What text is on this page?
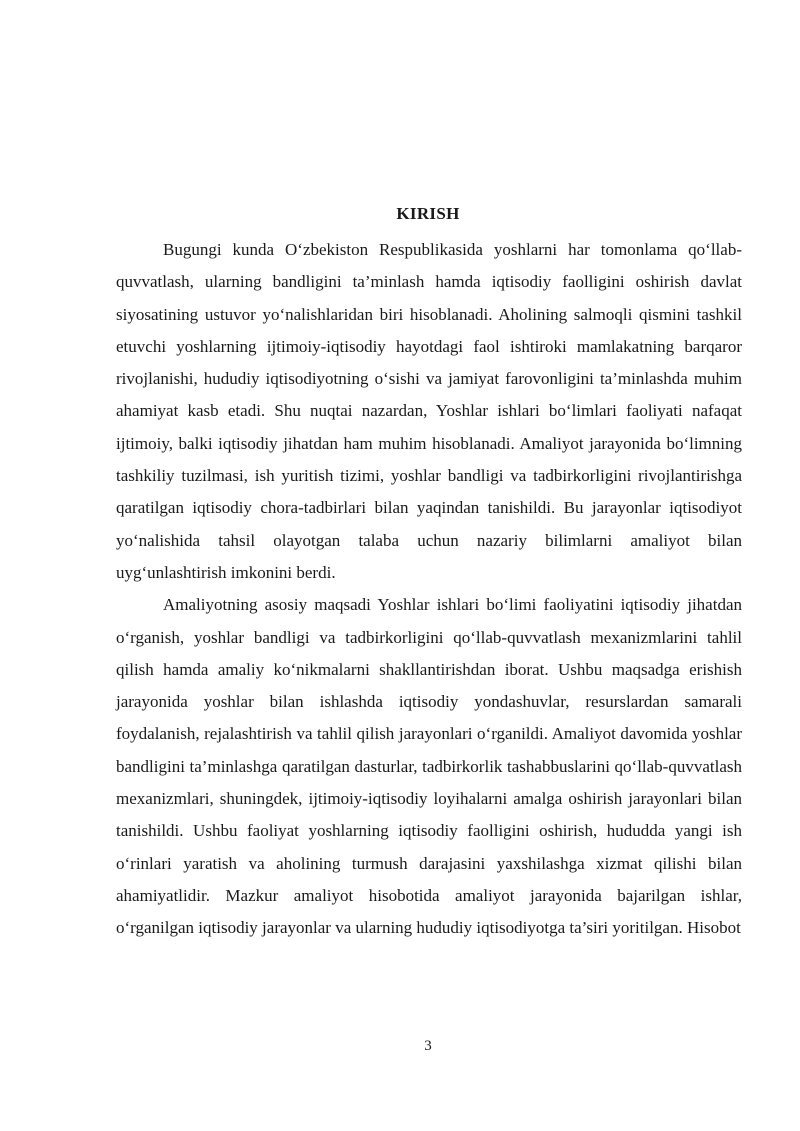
KIRISH

Bugungi kunda O‘zbekiston Respublikasida yoshlarni har tomonlama qo‘llab-quvvatlash, ularning bandligini ta’minlash hamda iqtisodiy faolligini oshirish davlat siyosatining ustuvor yo‘nalishlaridan biri hisoblanadi. Aholining salmoqli qismini tashkil etuvchi yoshlarning ijtimoiy-iqtisodiy hayotdagi faol ishtiroki mamlakatning barqaror rivojlanishi, hududiy iqtisodiyotning o‘sishi va jamiyat farovonligini ta’minlashda muhim ahamiyat kasb etadi. Shu nuqtai nazardan, Yoshlar ishlari bo‘limlari faoliyati nafaqat ijtimoiy, balki iqtisodiy jihatdan ham muhim hisoblanadi. Amaliyot jarayonida bo‘limning tashkiliy tuzilmasi, ish yuritish tizimi, yoshlar bandligi va tadbirkorligini rivojlantirishga qaratilgan iqtisodiy chora-tadbirlari bilan yaqindan tanishildi. Bu jarayonlar iqtisodiyot yo‘nalishida tahsil olayotgan talaba uchun nazariy bilimlarni amaliyot bilan uyg‘unlashtirish imkonini berdi.

Amaliyotning asosiy maqsadi Yoshlar ishlari bo‘limi faoliyatini iqtisodiy jihatdan o‘rganish, yoshlar bandligi va tadbirkorligini qo‘llab-quvvatlash mexanizmlarini tahlil qilish hamda amaliy ko‘nikmalarni shakllantirishdan iborat. Ushbu maqsadga erishish jarayonida yoshlar bilan ishlashda iqtisodiy yondashuvlar, resurslardan samarali foydalanish, rejalashtirish va tahlil qilish jarayonlari o‘rganildi. Amaliyot davomida yoshlar bandligini ta’minlashga qaratilgan dasturlar, tadbirkorlik tashabbuslarini qo‘llab-quvvatlash mexanizmlari, shuningdek, ijtimoiy-iqtisodiy loyihalarni amalga oshirish jarayonlari bilan tanishildi. Ushbu faoliyat yoshlarning iqtisodiy faolligini oshirish, hududda yangi ish o‘rinlari yaratish va aholining turmush darajasini yaxshilashga xizmat qilishi bilan ahamiyatlidir. Mazkur amaliyot hisobotida amaliyot jarayonida bajarilgan ishlar, o‘rganilgan iqtisodiy jarayonlar va ularning hududiy iqtisodiyotga ta’siri yoritilgan. Hisobot

3
